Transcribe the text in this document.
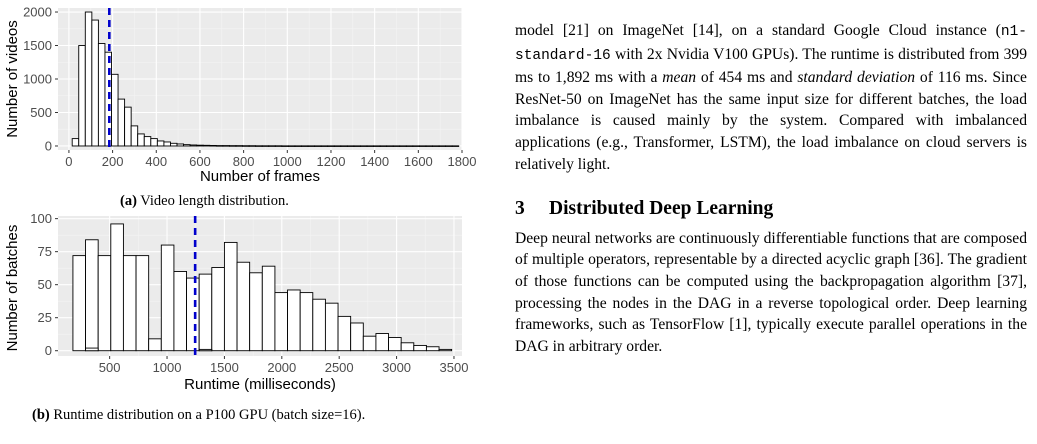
0
500
1000
1500
2000
0 200 400 600 800 1000 1200 1400 1600 1800
Number of frames
Number of videos
(a) Video length distribution.
0
25
50
75
100
500 1000 1500 2000 2500 3000 3500
Runtime (milliseconds)
Number of batches
(b) Runtime distribution on a P100 GPU (batch size=16).

model [21] on ImageNet [14], on a standard Google Cloud instance (n1-standard-16 with 2x Nvidia V100 GPUs). The runtime is distributed from 399 ms to 1,892 ms with a mean of 454 ms and standard deviation of 116 ms. Since ResNet-50 on ImageNet has the same input size for different batches, the load imbalance is caused mainly by the system. Compared with imbalanced applications (e.g., Transformer, LSTM), the load imbalance on cloud servers is relatively light.

3 Distributed Deep Learning

Deep neural networks are continuously differentiable functions that are composed of multiple operators, representable by a directed acyclic graph [36]. The gradient of those functions can be computed using the backpropagation algorithm [37], processing the nodes in the DAG in a reverse topological order. Deep learning frameworks, such as TensorFlow [1], typically execute parallel operations in the DAG in arbitrary order.
